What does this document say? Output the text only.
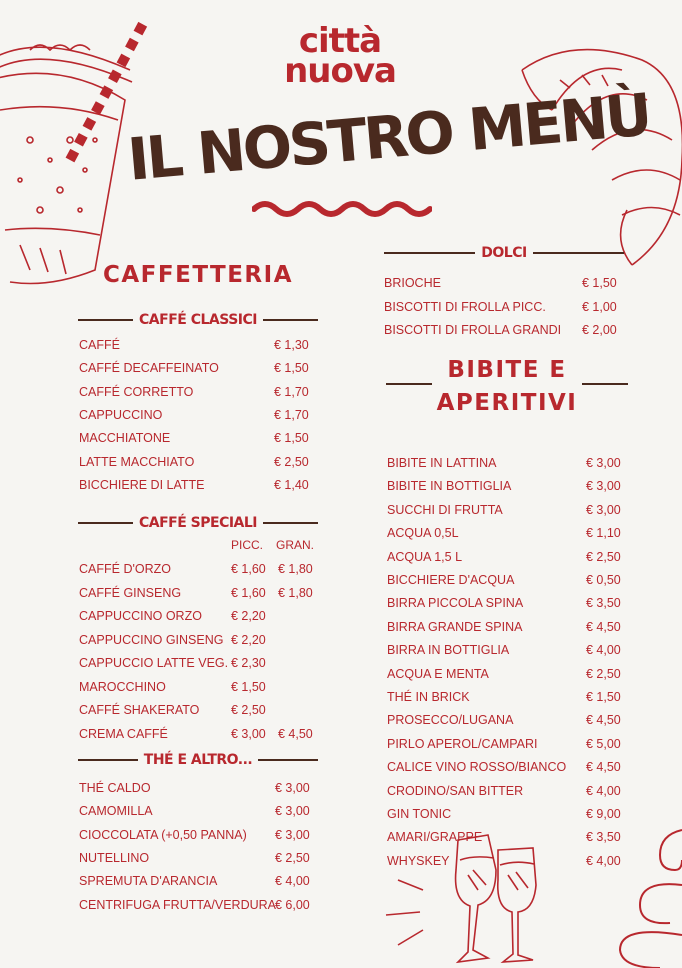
città
nuova
IL NOSTRO MENÙ
CAFFETTERIA
CAFFÉ CLASSICI
CAFFÉ	€ 1,30
CAFFÉ DECAFFEINATO	€ 1,50
CAFFÉ CORRETTO	€ 1,70
CAPPUCCINO	€ 1,70
MACCHIATONE	€ 1,50
LATTE MACCHIATO	€ 2,50
BICCHIERE DI LATTE	€ 1,40
CAFFÉ SPECIALI
PICC. GRAN.
CAFFÉ D'ORZO	€ 1,60 € 1,80
CAFFÉ GINSENG	€ 1,60 € 1,80
CAPPUCCINO ORZO € 2,20
CAPPUCCINO GINSENG € 2,20
CAPPUCCIO LATTE VEG. € 2,30
MAROCCHINO	€ 1,50
CAFFÉ SHAKERATO	€ 2,50
CREMA CAFFÉ	€ 3,00 € 4,50
THÉ E ALTRO...
THÉ CALDO	€ 3,00
CAMOMILLA	€ 3,00
CIOCCOLATA (+0,50 PANNA) € 3,00
NUTELLINO	€ 2,50
SPREMUTA D'ARANCIA	€ 4,00
CENTRIFUGA FRUTTA/VERDURA € 6,00
DOLCI
BRIOCHE	€ 1,50
BISCOTTI DI FROLLA PICC.	€ 1,00
BISCOTTI DI FROLLA GRANDI € 2,00
BIBITE E
APERITIVI
BIBITE IN LATTINA	€ 3,00
BIBITE IN BOTTIGLIA	€ 3,00
SUCCHI DI FRUTTA	€ 3,00
ACQUA 0,5L	€ 1,10
ACQUA 1,5 L	€ 2,50
BICCHIERE D'ACQUA	€ 0,50
BIRRA PICCOLA SPINA	€ 3,50
BIRRA GRANDE SPINA	€ 4,50
BIRRA IN BOTTIGLIA	€ 4,00
ACQUA E MENTA	€ 2,50
THÉ IN BRICK	€ 1,50
PROSECCO/LUGANA	€ 4,50
PIRLO APEROL/CAMPARI	€ 5,00
CALICE VINO ROSSO/BIANCO € 4,50
CRODINO/SAN BITTER	€ 4,00
GIN TONIC	€ 9,00
AMARI/GRAPPE	€ 3,50
WHYSKEY	€ 4,00
